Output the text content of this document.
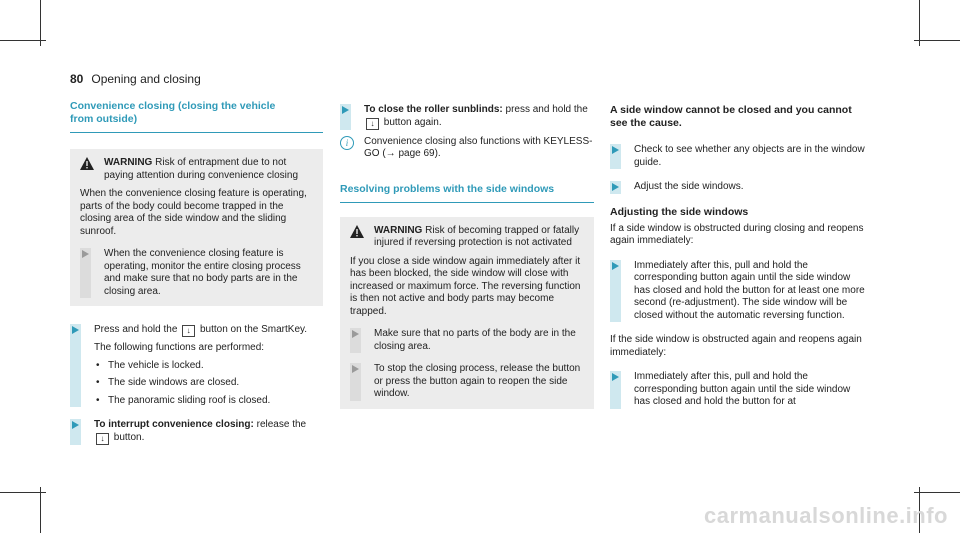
80 Opening and closing
Convenience closing (closing the vehicle
from outside)
WARNING Risk of entrapment due to not paying attention during convenience closing
When the convenience closing feature is operating, parts of the body could become trapped in the closing area of the side window and the sliding sunroof.
When the convenience closing feature is operating, monitor the entire closing process and make sure that no body parts are in the closing area.
Press and hold the ↓ button on the SmartKey.
The following functions are performed:
• The vehicle is locked.
• The side windows are closed.
• The panoramic sliding roof is closed.
To interrupt convenience closing: release the ↓ button.
To close the roller sunblinds: press and hold the ↓ button again.
i	Convenience closing also functions with KEYLESS-GO (→ page 69).
Resolving problems with the side windows
WARNING Risk of becoming trapped or fatally injured if reversing protection is not activated
If you close a side window again immediately after it has been blocked, the side window will close with increased or maximum force. The reversing function is then not active and body parts may become trapped.
Make sure that no parts of the body are in the closing area.
To stop the closing process, release the button or press the button again to reopen the side window.
A side window cannot be closed and you cannot see the cause.
Check to see whether any objects are in the window guide.
Adjust the side windows.
Adjusting the side windows
If a side window is obstructed during closing and reopens again immediately:
Immediately after this, pull and hold the corresponding button again until the side window has closed and hold the button for at least one more second (re-adjustment). The side window will be closed without the automatic reversing function.
If the side window is obstructed again and reopens again immediately:
Immediately after this, pull and hold the corresponding button again until the side window has closed and hold the button for at
carmanualsonline.info
